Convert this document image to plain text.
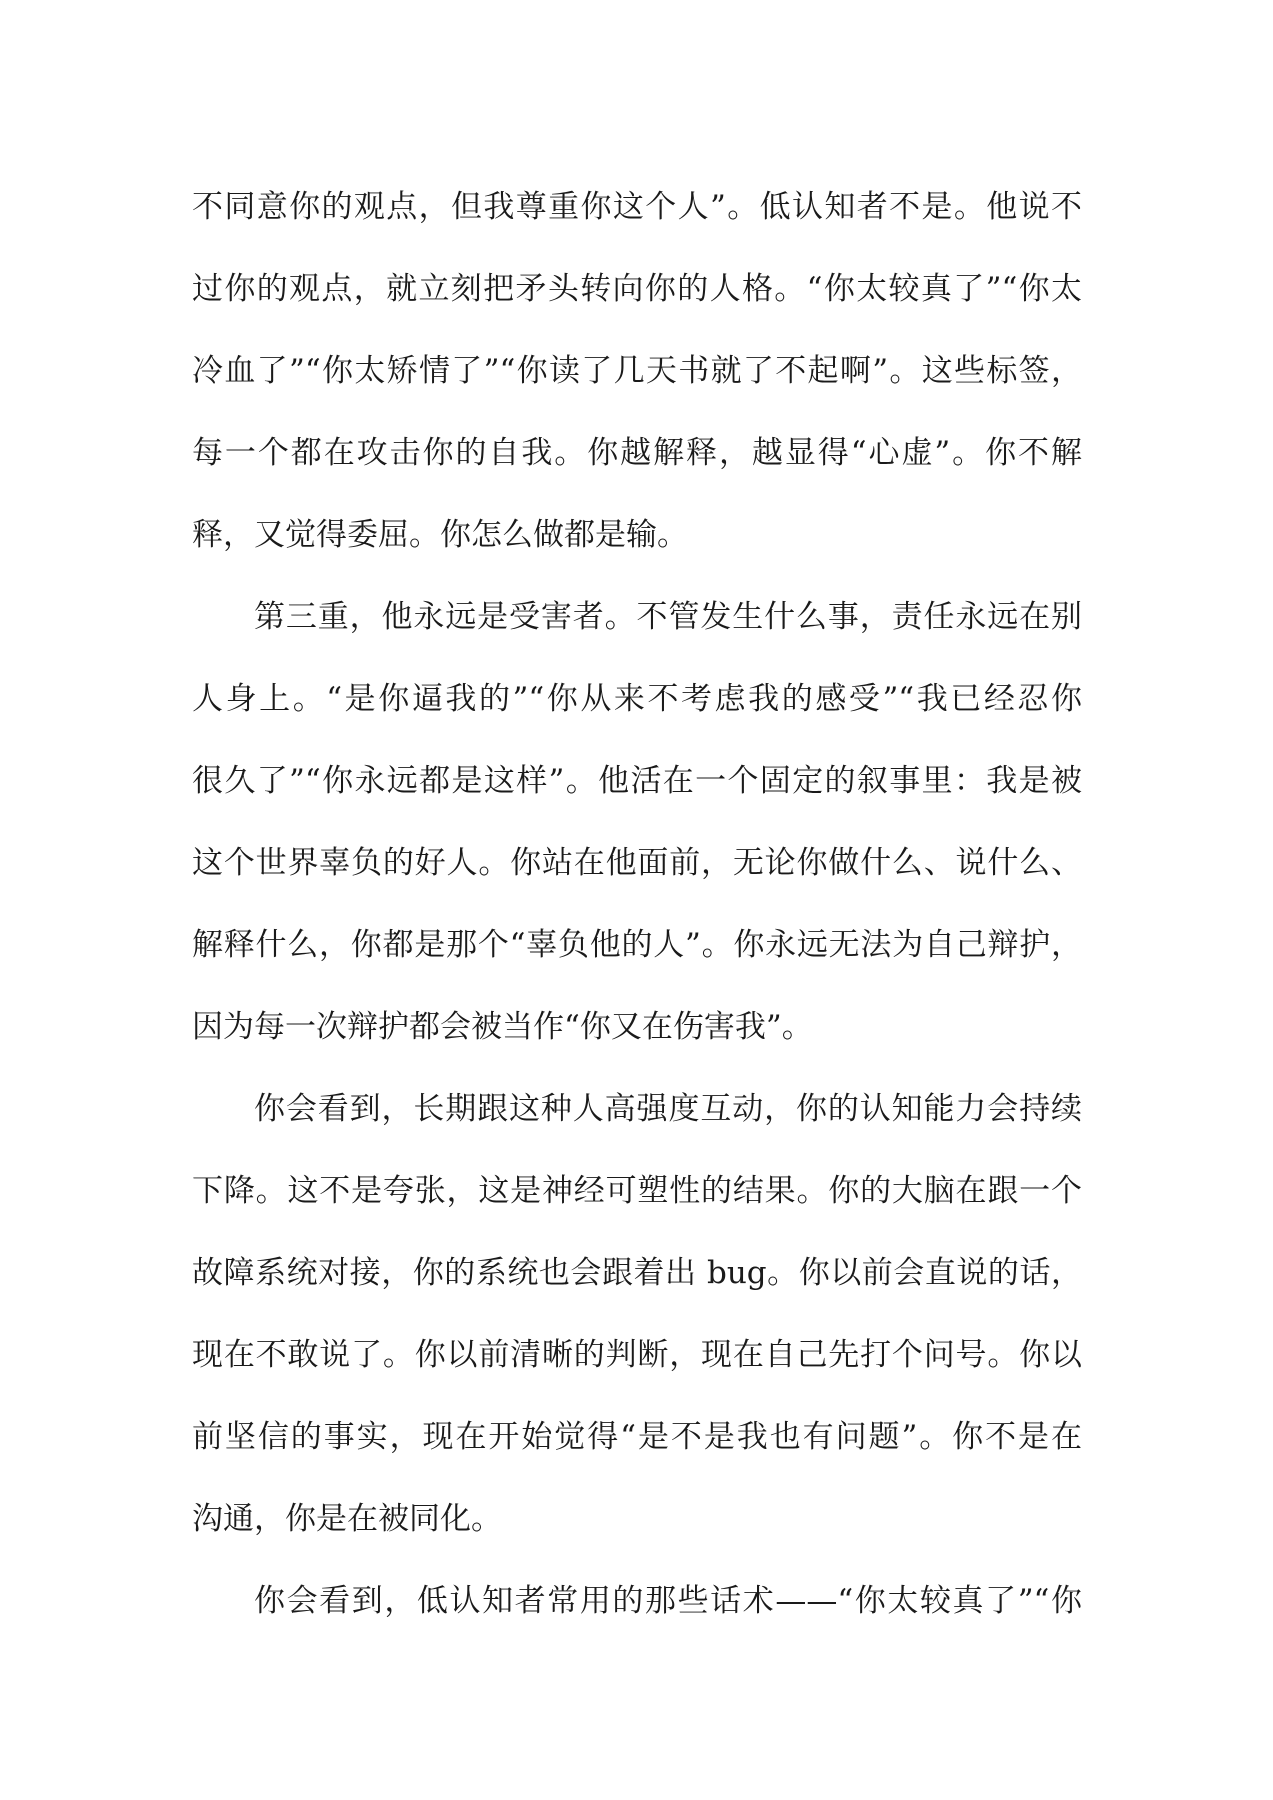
不同意你的观点，但我尊重你这个人”。低认知者不是。他说不
过你的观点，就立刻把矛头转向你的人格。“你太较真了”“你太
冷血了”“你太矫情了”“你读了几天书就了不起啊”。这些标签，
每一个都在攻击你的自我。你越解释，越显得“心虚”。你不解
释，又觉得委屈。你怎么做都是输。
第三重，他永远是受害者。不管发生什么事，责任永远在别
人身上。“是你逼我的”“你从来不考虑我的感受”“我已经忍你
很久了”“你永远都是这样”。他活在一个固定的叙事里：我是被
这个世界辜负的好人。你站在他面前，无论你做什么、说什么、
解释什么，你都是那个“辜负他的人”。你永远无法为自己辩护，
因为每一次辩护都会被当作“你又在伤害我”。
你会看到，长期跟这种人高强度互动，你的认知能力会持续
下降。这不是夸张，这是神经可塑性的结果。你的大脑在跟一个
故障系统对接，你的系统也会跟着出 bug。你以前会直说的话，
现在不敢说了。你以前清晰的判断，现在自己先打个问号。你以
前坚信的事实，现在开始觉得“是不是我也有问题”。你不是在
沟通，你是在被同化。
你会看到，低认知者常用的那些话术——“你太较真了”“你
